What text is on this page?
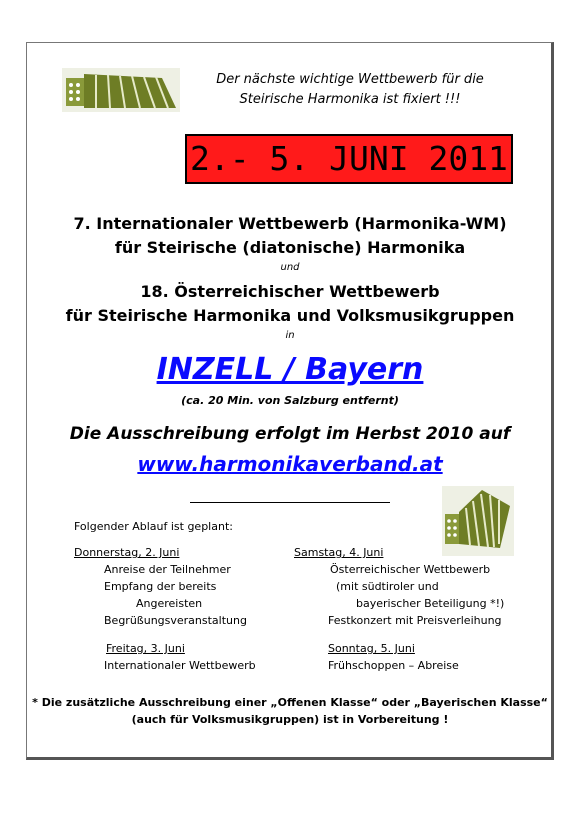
Der nächste wichtige Wettbewerb für die
Steirische Harmonika ist fixiert !!!
2.- 5. JUNI 2011
7. Internationaler Wettbewerb (Harmonika-WM)
für Steirische (diatonische) Harmonika
und
18. Österreichischer Wettbewerb
für Steirische Harmonika und Volksmusikgruppen
in
INZELL / Bayern
(ca. 20 Min. von Salzburg entfernt)
Die Ausschreibung erfolgt im Herbst 2010 auf
www.harmonikaverband.at
Folgender Ablauf ist geplant:
Donnerstag, 2. Juni
Anreise der Teilnehmer
Empfang der bereits
Angereisten
Begrüßungsveranstaltung
Freitag, 3. Juni
Internationaler Wettbewerb
Samstag, 4. Juni
Österreichischer Wettbewerb
(mit südtiroler und
bayerischer Beteiligung *!)
Festkonzert mit Preisverleihung
Sonntag, 5. Juni
Frühschoppen – Abreise
* Die zusätzliche Ausschreibung einer „Offenen Klasse“ oder „Bayerischen Klasse“
(auch für Volksmusikgruppen) ist in Vorbereitung !
